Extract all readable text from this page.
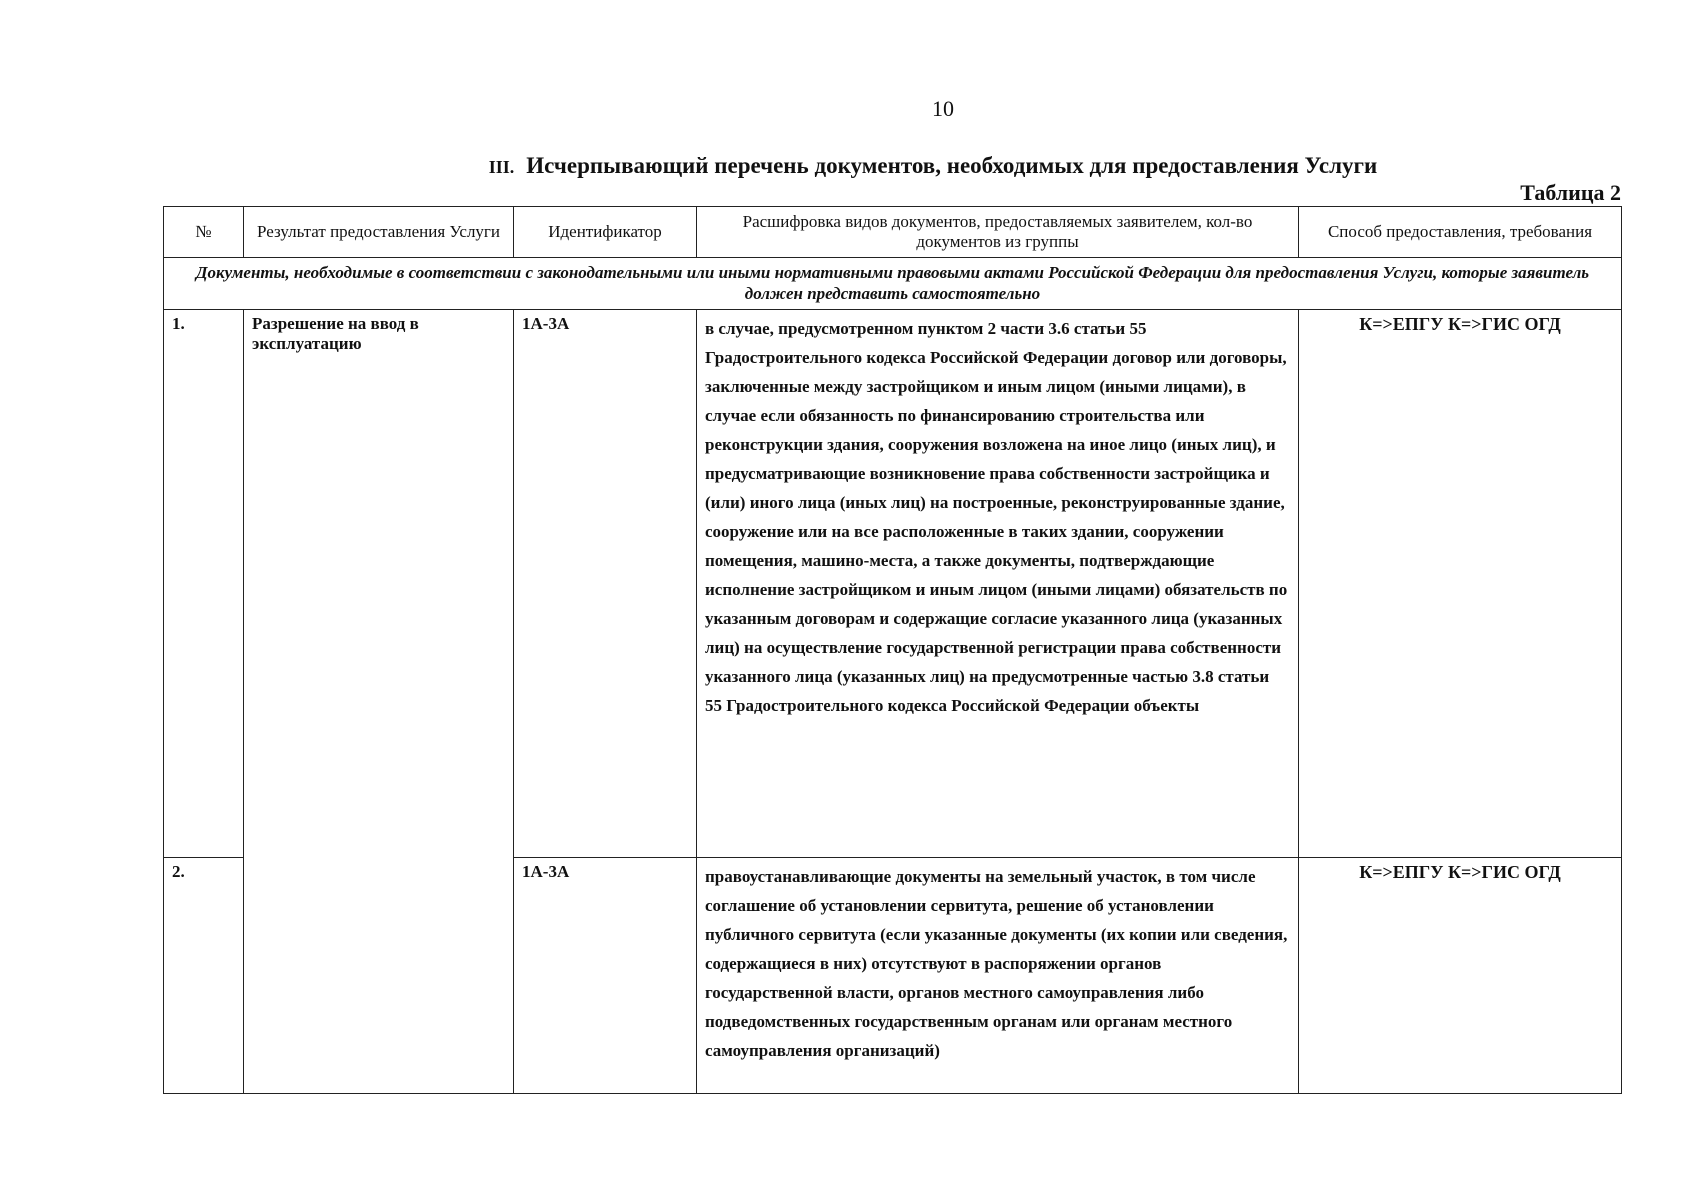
10
III. Исчерпывающий перечень документов, необходимых для предоставления Услуги
Таблица 2
№	Результат предоставления Услуги	Идентификатор	Расшифровка видов документов, предоставляемых заявителем, кол-во документов из группы	Способ предоставления, требования
Документы, необходимые в соответствии с законодательными или иными нормативными правовыми актами Российской Федерации для предоставления Услуги, которые заявитель должен представить самостоятельно				
1.	Разрешение на ввод в эксплуатацию	1А-3А	в случае, предусмотренном пунктом 2 части 3.6 статьи 55 Градостроительного кодекса Российской Федерации договор или договоры, заключенные между застройщиком и иным лицом (иными лицами), в случае если обязанность по финансированию строительства или реконструкции здания, сооружения возложена на иное лицо (иных лиц), и предусматривающие возникновение права собственности застройщика и (или) иного лица (иных лиц) на построенные, реконструированные здание, сооружение или на все расположенные в таких здании, сооружении помещения, машино-места, а также документы, подтверждающие исполнение застройщиком и иным лицом (иными лицами) обязательств по указанным договорам и содержащие согласие указанного лица (указанных лиц) на осуществление государственной регистрации права собственности указанного лица (указанных лиц) на предусмотренные частью 3.8 статьи 55 Градостроительного кодекса Российской Федерации объекты	К=>ЕПГУ К=>ГИС ОГД
2.		1А-3А	правоустанавливающие документы на земельный участок, в том числе соглашение об установлении сервитута, решение об установлении публичного сервитута (если указанные документы (их копии или сведения, содержащиеся в них) отсутствуют в распоряжении органов государственной власти, органов местного самоуправления либо подведомственных государственным органам или органам местного самоуправления организаций)	К=>ЕПГУ К=>ГИС ОГД
